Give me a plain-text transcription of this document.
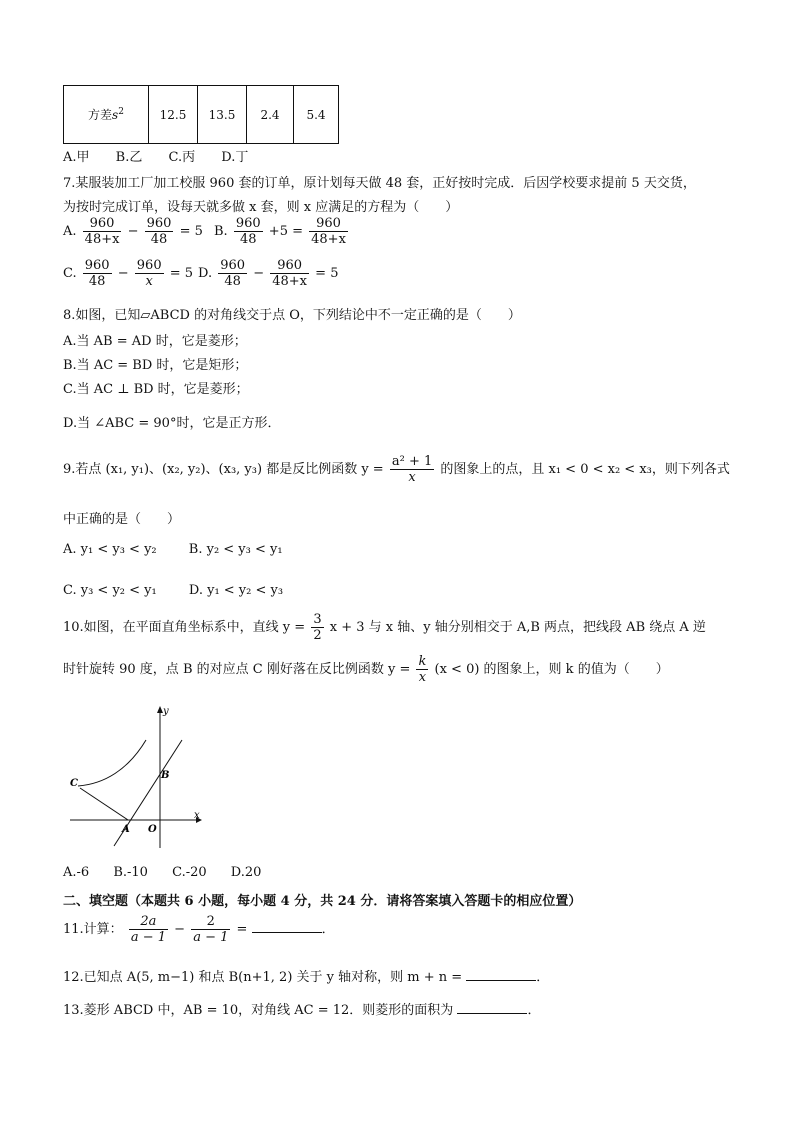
方差$s^2$	12.5	13.5	2.4	5.4
A.甲 B.乙 C.丙 D.丁
7.某服装加工厂加工校服 960 套的订单，原计划每天做 48 套，正好按时完成．后因学校要求提前 5 天交货，
为按时完成订单，设每天就多做 x 套，则 x 应满足的方程为（　　）
A. $\frac{960}{48+x} - \frac{960}{48} = 5$ B. $\frac{960}{48} +5 = \frac{960}{48+x}$
C. $\frac{960}{48} - \frac{960}{x} = 5$ D. $\frac{960}{48} - \frac{960}{48+x} = 5$
8.如图，已知▱ABCD 的对角线交于点 O，下列结论中不一定正确的是（　　）
A.当 AB = AD 时，它是菱形；
B.当 AC = BD 时，它是矩形；
C.当 AC ⊥ BD 时，它是菱形；
D.当 ∠ABC = 90°时，它是正方形．
9.若点 (x₁, y₁)、(x₂, y₂)、(x₃, y₃) 都是反比例函数 $y = \frac{\text{a² + 1}}{x}$ 的图象上的点，且 x₁ < 0 < x₂ < x₃，则下列各式
中正确的是（　　）
A. y₁ < y₃ < y₂ B. y₂ < y₃ < y₁
C. y₃ < y₂ < y₁ D. y₁ < y₂ < y₃
10.如图，在平面直角坐标系中，直线 $y = \frac{3}{2}$ x + 3 与 x 轴、y 轴分别相交于 A,B 两点，把线段 AB 绕点 A 逆
时针旋转 90 度，点 B 的对应点 C 刚好落在反比例函数 $y = \frac{k}{x} (x < 0)$ 的图象上，则 k 的值为（　　）
y
x
B
C
A O
A.-6 B.-10 C.-20 D.20
二、填空题（本题共 6 小题，每小题 4 分，共 24 分．请将答案填入答题卡的相应位置）
11.计算： $\frac{2a}{a - 1} - \frac{2}{a - 1}$ =	．
12.已知点 A(5, m−1) 和点 B(n+1, 2) 关于 y 轴对称，则 m + n =	．
13.菱形 ABCD 中，AB = 10，对角线 AC = 12．则菱形的面积为	．
